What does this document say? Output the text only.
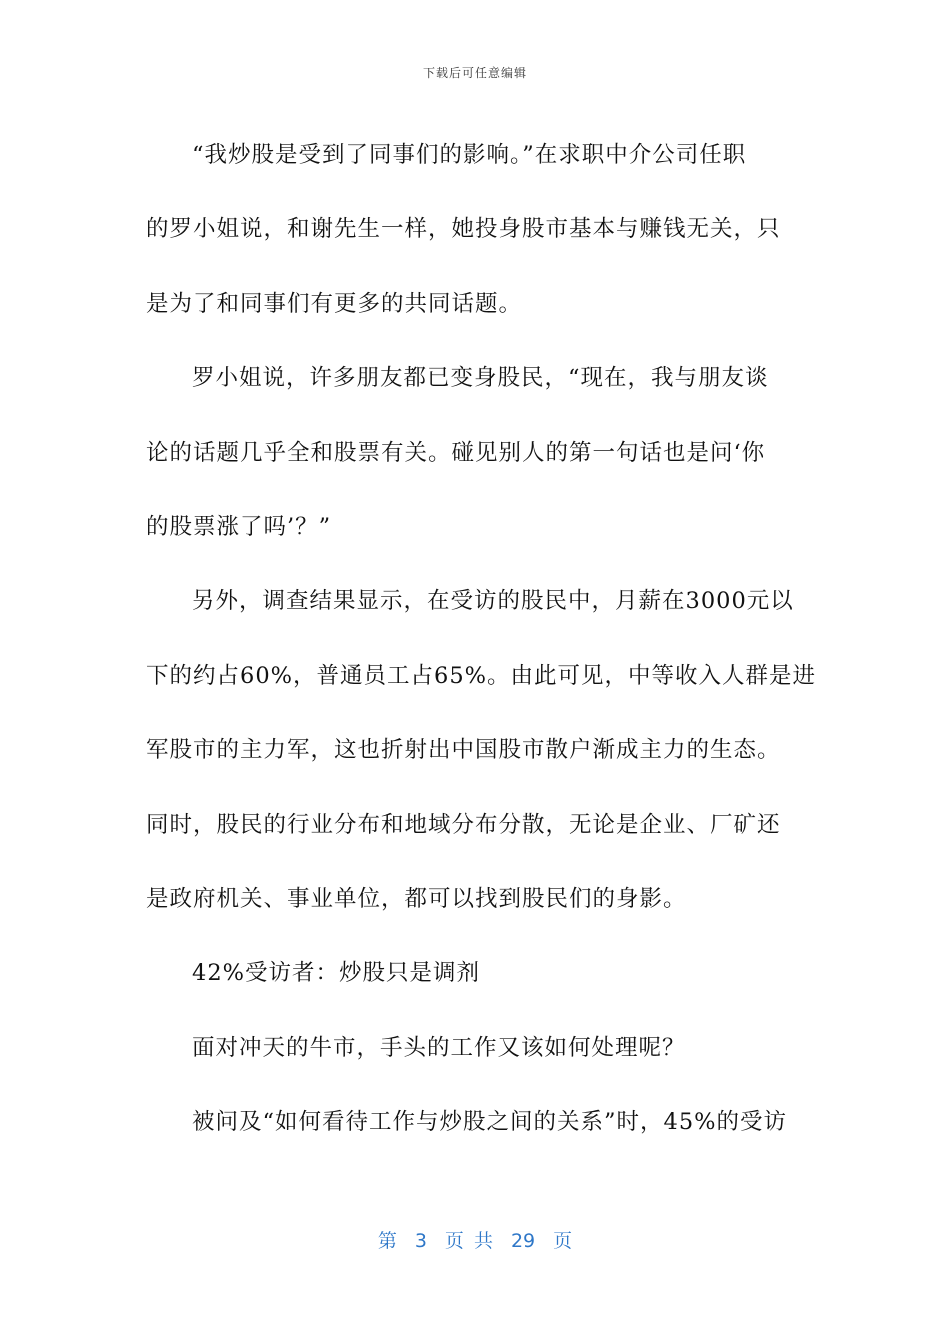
下载后可任意编辑
“我炒股是受到了同事们的影响。”在求职中介公司任职
的罗小姐说，和谢先生一样，她投身股市基本与赚钱无关，只
是为了和同事们有更多的共同话题。
罗小姐说，许多朋友都已变身股民，“现在，我与朋友谈
论的话题几乎全和股票有关。碰见别人的第一句话也是问‘你
的股票涨了吗’？”
另外，调查结果显示，在受访的股民中，月薪在3000元以
下的约占60%，普通员工占65%。由此可见，中等收入人群是进
军股市的主力军，这也折射出中国股市散户渐成主力的生态。
同时，股民的行业分布和地域分布分散，无论是企业、厂矿还
是政府机关、事业单位，都可以找到股民们的身影。
42%受访者：炒股只是调剂
面对冲天的牛市，手头的工作又该如何处理呢？
被问及“如何看待工作与炒股之间的关系”时，45%的受访
第 3 页 共 29 页
